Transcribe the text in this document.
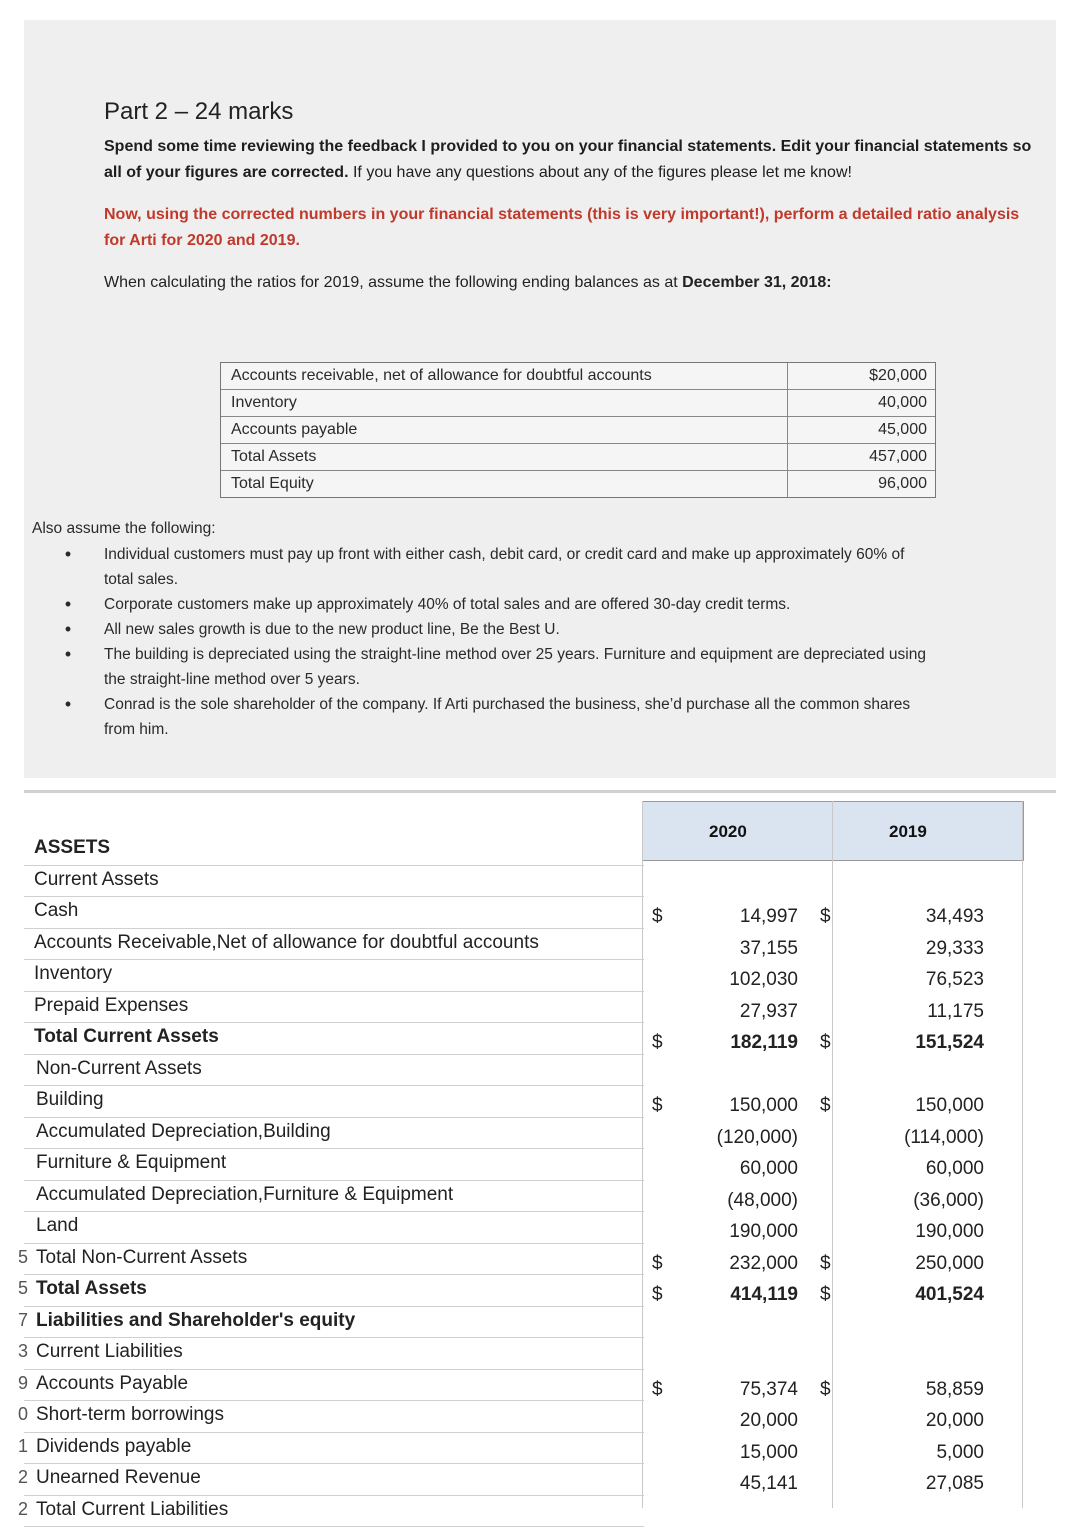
Part 2 – 24 marks
Spend some time reviewing the feedback I provided to you on your financial statements. Edit your financial statements so all of your figures are corrected. If you have any questions about any of the figures please let me know!
Now, using the corrected numbers in your financial statements (this is very important!), perform a detailed ratio analysis for Arti for 2020 and 2019.
When calculating the ratios for 2019, assume the following ending balances as at December 31, 2018:
Accounts receivable, net of allowance for doubtful accounts	$20,000
Inventory	40,000
Accounts payable	45,000
Total Assets	457,000
Total Equity	96,000
Also assume the following:
•	Individual customers must pay up front with either cash, debit card, or credit card and make up approximately 60% of total sales.
•	Corporate customers make up approximately 40% of total sales and are offered 30-day credit terms.
•	All new sales growth is due to the new product line, Be the Best U.
•	The building is depreciated using the straight-line method over 25 years. Furniture and equipment are depreciated using the straight-line method over 5 years.
•	Conrad is the sole shareholder of the company. If Arti purchased the business, she’d purchase all the common shares from him.
2020	2019
ASSETS
Current Assets
Cash	$	14,997 $	34,493
Accounts Receivable,Net of allowance for doubtful accounts	37,155	29,333
Inventory	102,030	76,523
Prepaid Expenses	27,937	11,175
Total Current Assets	$	182,119 $	151,524
Non-Current Assets
Building	$	150,000 $	150,000
Accumulated Depreciation,Building	(120,000)	(114,000)
Furniture & Equipment	60,000	60,000
Accumulated Depreciation,Furniture & Equipment	(48,000)	(36,000)
Land	190,000	190,000
5 Total Non-Current Assets	$	232,000 $	250,000
5 Total Assets	$	414,119 $	401,524
7 Liabilities and Shareholder's equity
3 Current Liabilities
9 Accounts Payable	$	75,374 $	58,859
0 Short-term borrowings	20,000	20,000
1 Dividends payable	15,000	5,000
2 Unearned Revenue	45,141	27,085
2 Total Current Liabilities
